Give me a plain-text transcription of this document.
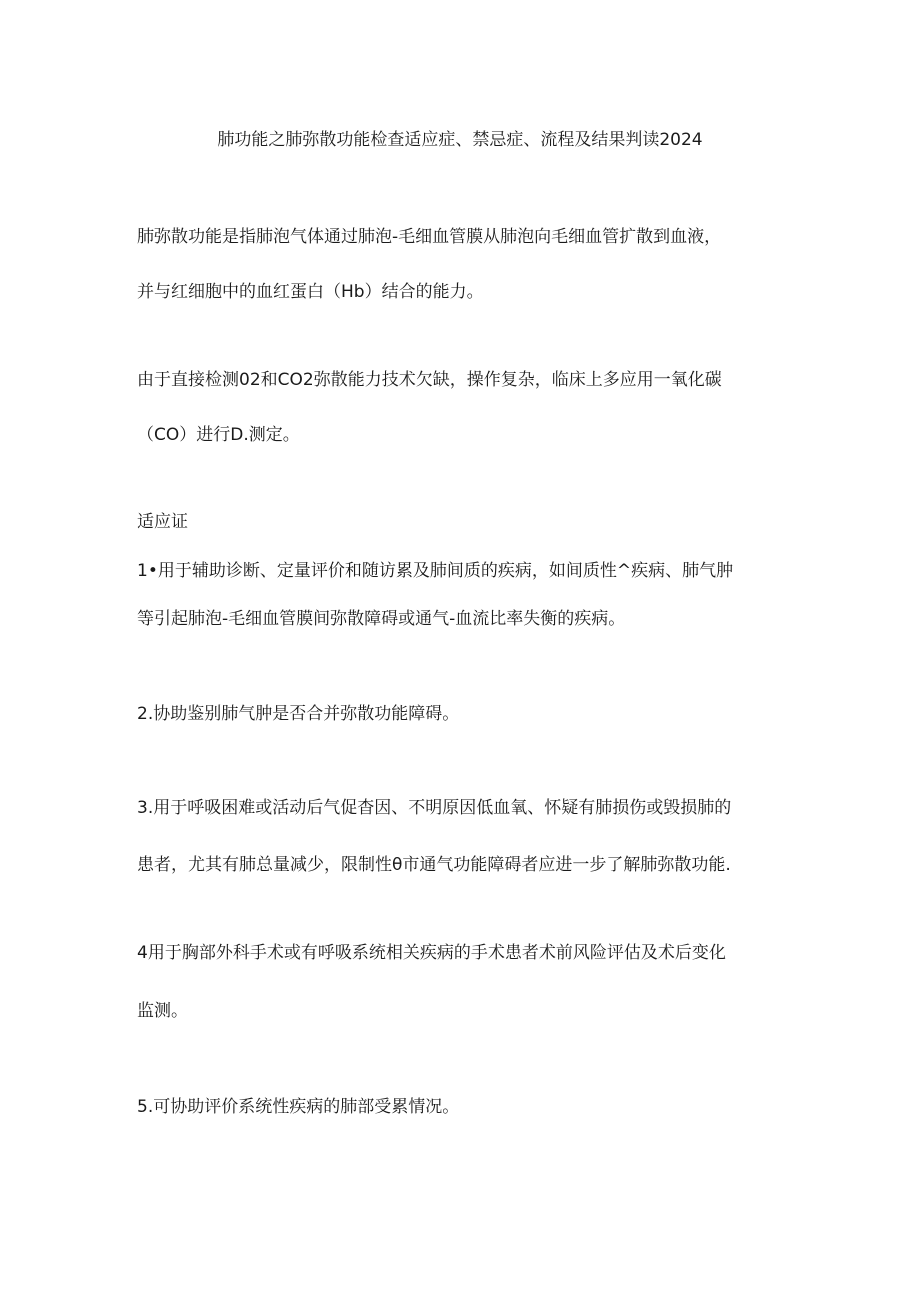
肺功能之肺弥散功能检查适应症、禁忌症、流程及结果判读2024

肺弥散功能是指肺泡气体通过肺泡-毛细血管膜从肺泡向毛细血管扩散到血液，
并与红细胞中的血红蛋白（Hb）结合的能力。

由于直接检测02和CO2弥散能力技术欠缺，操作复杂，临床上多应用一氧化碳
（CO）进行D.测定。

适应证

1•用于辅助诊断、定量评价和随访累及肺间质的疾病，如间质性^疾病、肺气肿
等引起肺泡-毛细血管膜间弥散障碍或通气-血流比率失衡的疾病。

2.协助鉴别肺气肿是否合并弥散功能障碍。

3.用于呼吸困难或活动后气促杳因、不明原因低血氧、怀疑有肺损伤或毁损肺的
患者，尤其有肺总量减少，限制性θ市通气功能障碍者应进一步了解肺弥散功能.

4用于胸部外科手术或有呼吸系统相关疾病的手术患者术前风险评估及术后变化
监测。

5.可协助评价系统性疾病的肺部受累情况。
